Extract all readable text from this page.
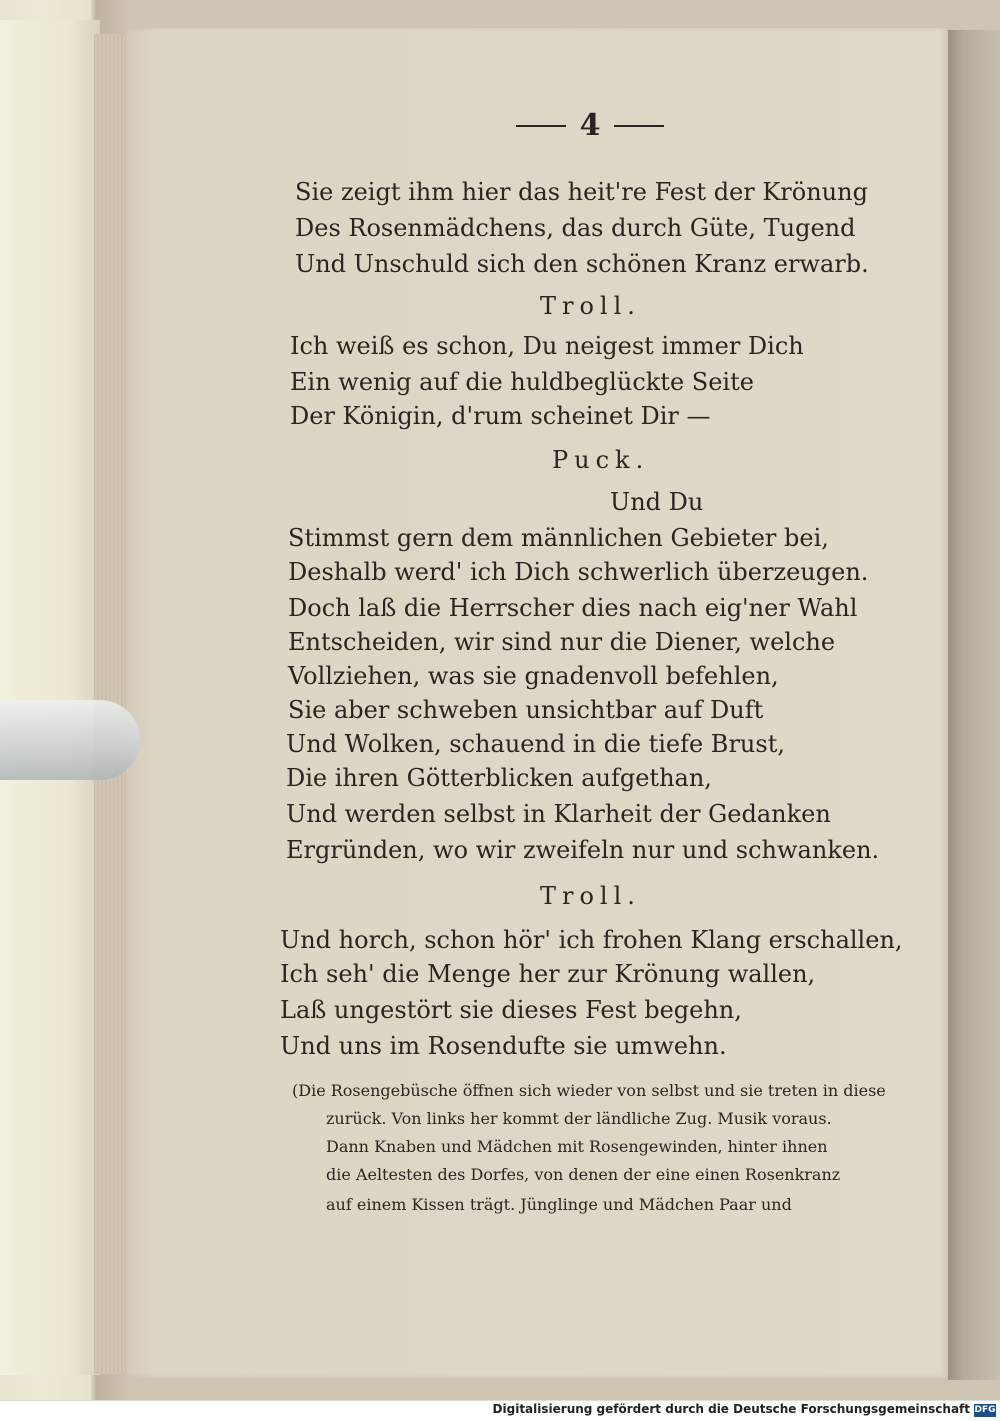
4
Sie zeigt ihm hier das heit're Fest der Krönung
Des Rosenmädchens, das durch Güte, Tugend
Und Unschuld sich den schönen Kranz erwarb.
Troll.
Ich weiß es schon, Du neigest immer Dich
Ein wenig auf die huldbeglückte Seite
Der Königin, d'rum scheinet Dir —
Puck.
Und Du
Stimmst gern dem männlichen Gebieter bei,
Deshalb werd' ich Dich schwerlich überzeugen.
Doch laß die Herrscher dies nach eig'ner Wahl
Entscheiden, wir sind nur die Diener, welche
Vollziehen, was sie gnadenvoll befehlen,
Sie aber schweben unsichtbar auf Duft
Und Wolken, schauend in die tiefe Brust,
Die ihren Götterblicken aufgethan,
Und werden selbst in Klarheit der Gedanken
Ergründen, wo wir zweifeln nur und schwanken.
Troll.
Und horch, schon hör' ich frohen Klang erschallen,
Ich seh' die Menge her zur Krönung wallen,
Laß ungestört sie dieses Fest begehn,
Und uns im Rosendufte sie umwehn.
(Die Rosengebüsche öffnen sich wieder von selbst und sie treten in diese
zurück. Von links her kommt der ländliche Zug. Musik voraus.
Dann Knaben und Mädchen mit Rosengewinden, hinter ihnen
die Aeltesten des Dorfes, von denen der eine einen Rosenkranz
auf einem Kissen trägt. Jünglinge und Mädchen Paar und
Digitalisierung gefördert durch die Deutsche Forschungsgemeinschaft DFG
